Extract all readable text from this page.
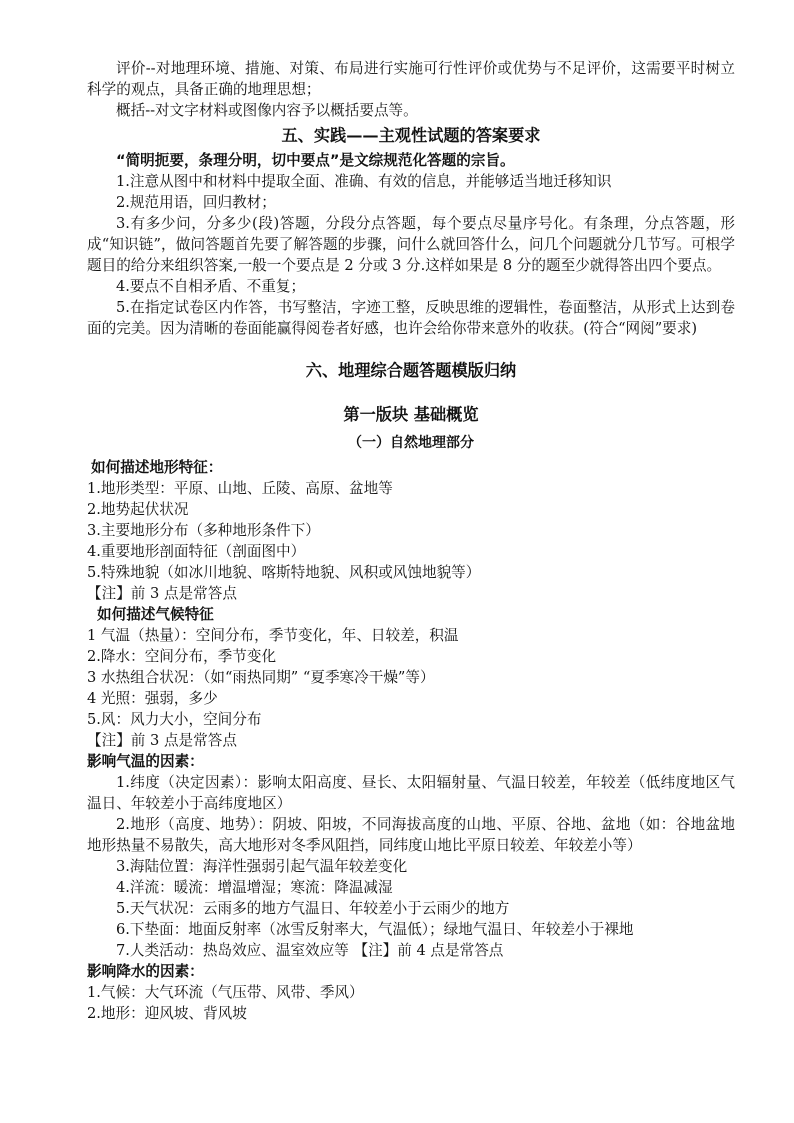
评价--对地理环境、措施、对策、布局进行实施可行性评价或优势与不足评价，这需要平时树立科学的观点，具备正确的地理思想；

概括--对文字材料或图像内容予以概括要点等。

五、实践——主观性试题的答案要求

“简明扼要，条理分明，切中要点”是文综规范化答题的宗旨。

1.注意从图中和材料中提取全面、准确、有效的信息，并能够适当地迁移知识

2.规范用语，回归教材；

3.有多少问，分多少(段)答题，分段分点答题，每个要点尽量序号化。有条理，分点答题，形成“知识链”，做问答题首先要了解答题的步骤，问什么就回答什么，问几个问题就分几节写。可根学题目的给分来组织答案,一般一个要点是 2 分或 3 分.这样如果是 8 分的题至少就得答出四个要点。

4.要点不自相矛盾、不重复；

5.在指定试卷区内作答，书写整洁，字迹工整，反映思维的逻辑性，卷面整洁，从形式上达到卷面的完美。因为清晰的卷面能赢得阅卷者好感，也许会给你带来意外的收获。(符合“网阅”要求)

六、地理综合题答题模版归纳
第一版块 基础概览
（一）自然地理部分

如何描述地形特征：

1.地形类型：平原、山地、丘陵、高原、盆地等

2.地势起伏状况

3.主要地形分布（多种地形条件下）

4.重要地形剖面特征（剖面图中）

5.特殊地貌（如冰川地貌、喀斯特地貌、风积或风蚀地貌等）

【注】前 3 点是常答点

如何描述气候特征

1 气温（热量）：空间分布，季节变化，年、日较差，积温

2.降水：空间分布，季节变化

3 水热组合状况：（如“雨热同期” “夏季寒冷干燥”等）

4 光照：强弱，多少

5.风：风力大小，空间分布

【注】前 3 点是常答点

影响气温的因素：

1.纬度（决定因素）：影响太阳高度、昼长、太阳辐射量、气温日较差，年较差（低纬度地区气温日、年较差小于高纬度地区）

2.地形（高度、地势）：阴坡、阳坡，不同海拔高度的山地、平原、谷地、盆地（如：谷地盆地地形热量不易散失，高大地形对冬季风阻挡，同纬度山地比平原日较差、年较差小等）

3.海陆位置：海洋性强弱引起气温年较差变化

4.洋流：暖流：增温增湿；寒流：降温减湿

5.天气状况：云雨多的地方气温日、年较差小于云雨少的地方

6.下垫面：地面反射率（冰雪反射率大，气温低）；绿地气温日、年较差小于裸地

7.人类活动：热岛效应、温室效应等 【注】前 4 点是常答点

影响降水的因素：

1.气候：大气环流（气压带、风带、季风）

2.地形：迎风坡、背风坡
